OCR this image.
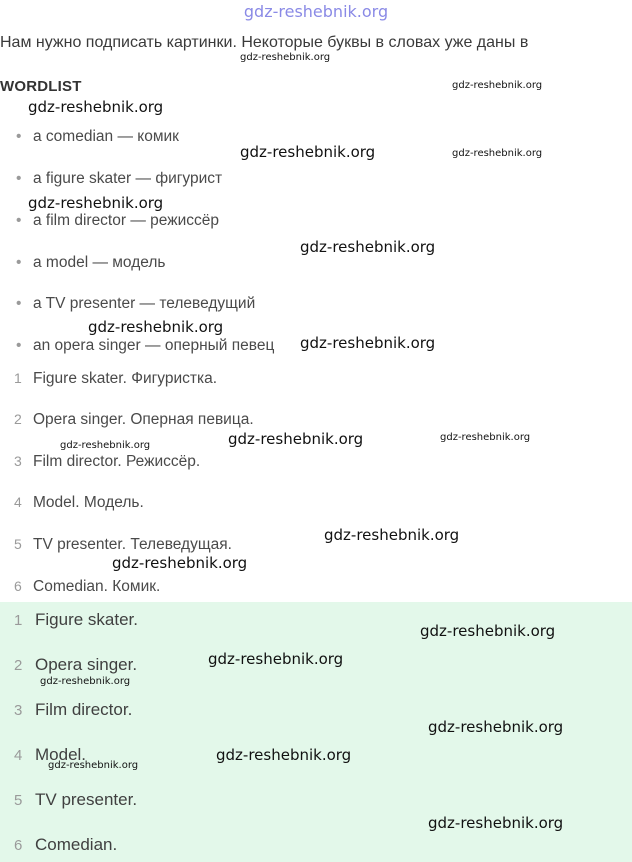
gdz-reshebnik.org
Нам нужно подписать картинки. Некоторые буквы в словах уже даны в
WORDLIST
• a comedian — комик
• a figure skater — фигурист
• a film director — режиссёр
• a model — модель
• a TV presenter — телеведущий
• an opera singer — оперный певец
1 Figure skater. Фигуристка.
2 Opera singer. Оперная певица.
3 Film director. Режиссёр.
4 Model. Модель.
5 TV presenter. Телеведущая.
6 Comedian. Комик.
1 Figure skater.
2 Opera singer.
3 Film director.
4 Model.
5 TV presenter.
6 Comedian.
gdz-reshebnik.org
gdz-reshebnik.org
gdz-reshebnik.org
gdz-reshebnik.org	gdz-reshebnik.org
gdz-reshebnik.org
gdz-reshebnik.org
gdz-reshebnik.org
gdz-reshebnik.org
gdz-reshebnik.org	gdz-reshebnik.org
gdz-reshebnik.org
gdz-reshebnik.org
gdz-reshebnik.org
gdz-reshebnik.org
gdz-reshebnik.org
gdz-reshebnik.org
gdz-reshebnik.org
gdz-reshebnik.org
gdz-reshebnik.org
gdz-reshebnik.org
